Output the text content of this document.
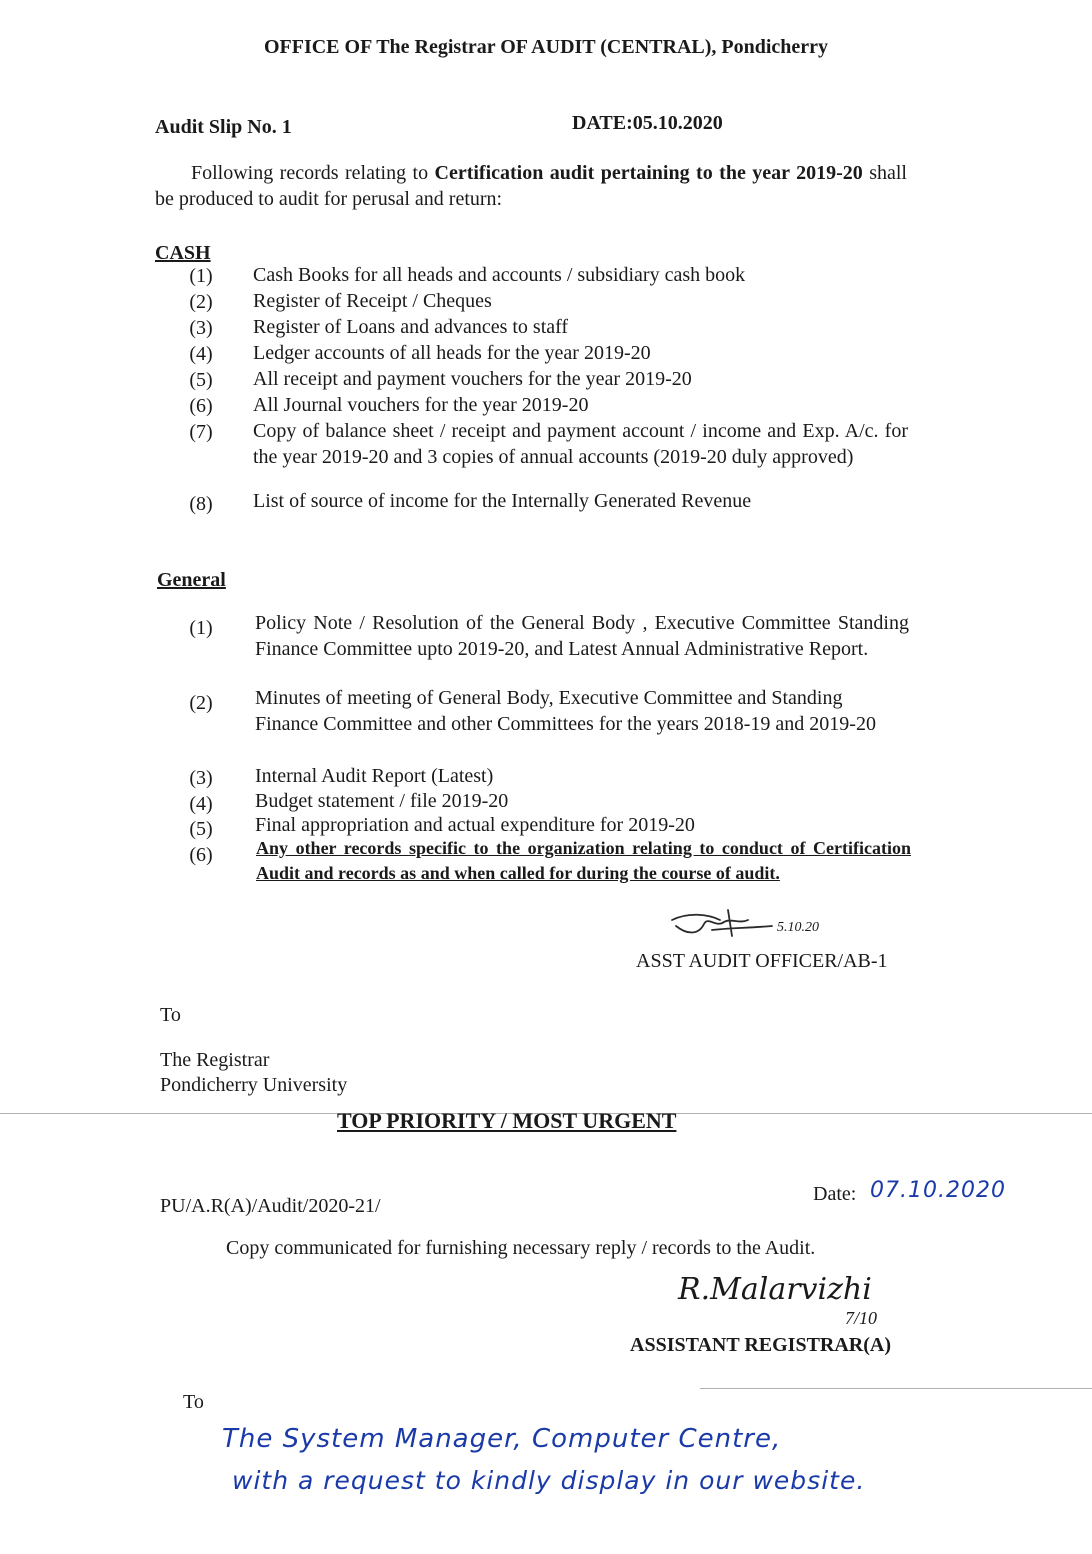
OFFICE OF The Registrar OF AUDIT (CENTRAL), Pondicherry
Audit Slip No. 1	DATE:05.10.2020
Following records relating to Certification audit pertaining to the year 2019-20 shall be produced to audit for perusal and return:
CASH
(1)	Cash Books for all heads and accounts / subsidiary cash book
(2)	Register of Receipt / Cheques
(3)	Register of Loans and advances to staff
(4)	Ledger accounts of all heads for the year 2019-20
(5)	All receipt and payment vouchers for the year 2019-20
(6)	All Journal vouchers for the year 2019-20
(7)	Copy of balance sheet / receipt and payment account / income and Exp. A/c. for the year 2019-20 and 3 copies of annual accounts (2019-20 duly approved)
(8)	List of source of income for the Internally Generated Revenue
General
(1)	Policy Note / Resolution of the General Body , Executive Committee Standing Finance Committee upto 2019-20, and Latest Annual Administrative Report.
(2)	Minutes of meeting of General Body, Executive Committee and Standing Finance Committee and other Committees for the years 2018-19 and 2019-20
(3)	Internal Audit Report (Latest)
(4)	Budget statement / file 2019-20
(5)	Final appropriation and actual expenditure for 2019-20
(6)	Any other records specific to the organization relating to conduct of Certification Audit and records as and when called for during the course of audit.
5.10.20
ASST AUDIT OFFICER/AB-1
To
The Registrar
Pondicherry University
TOP PRIORITY / MOST URGENT
PU/A.R(A)/Audit/2020-21/
Date: 07.10.2020
Copy communicated for furnishing necessary reply / records to the Audit.
R.Malarvizhi
7/10
ASSISTANT REGISTRAR(A)
To
The System Manager, Computer Centre,
with a request to kindly display in our website.
